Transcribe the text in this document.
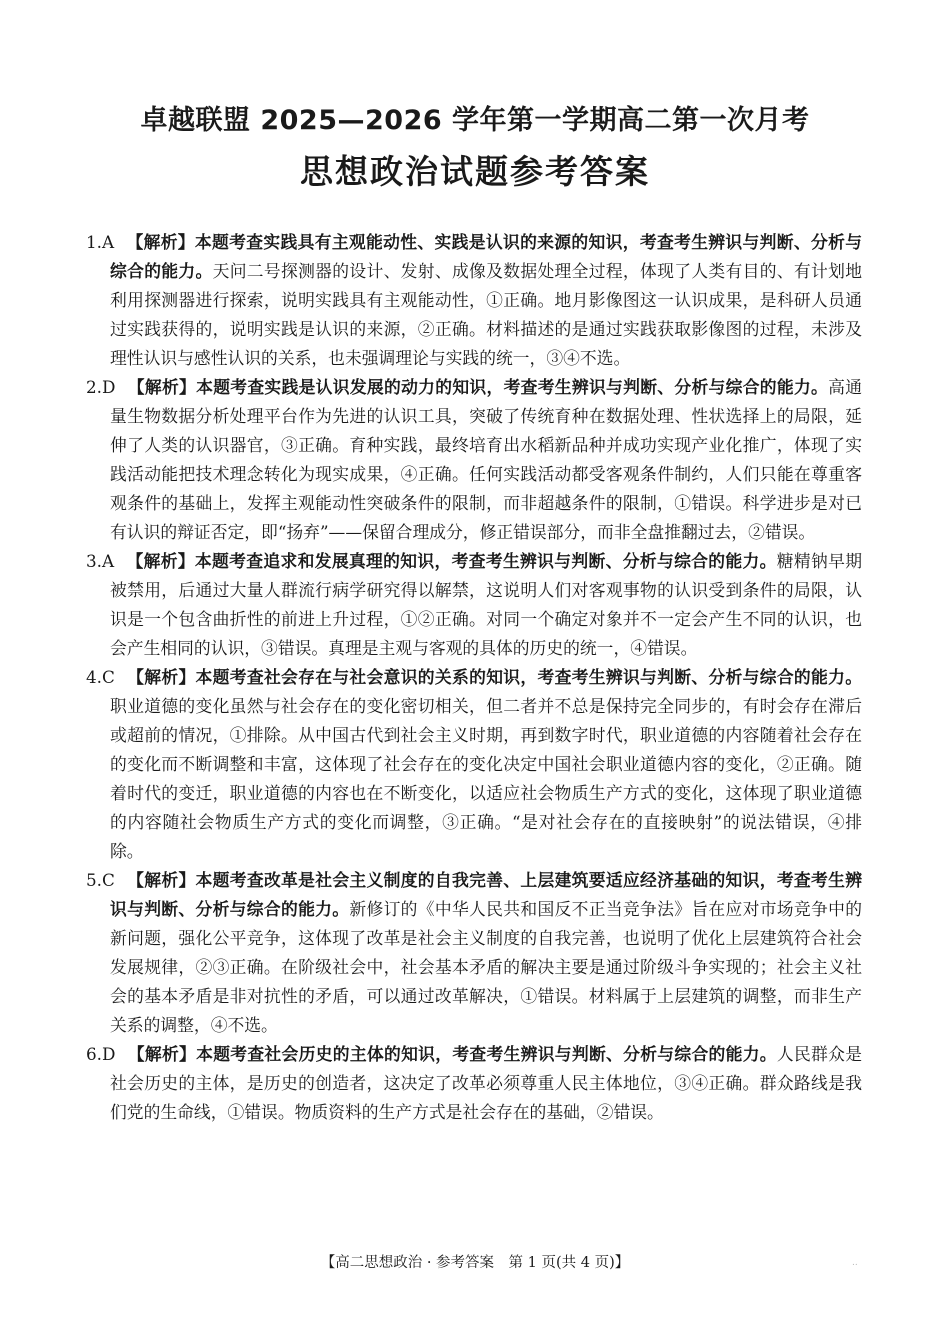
卓越联盟 2025—2026 学年第一学期高二第一次月考
思想政治试题参考答案
1.A 【解析】本题考查实践具有主观能动性、实践是认识的来源的知识，考查考生辨识与判断、分析与综合的能力。天问二号探测器的设计、发射、成像及数据处理全过程，体现了人类有目的、有计划地利用探测器进行探索，说明实践具有主观能动性，①正确。地月影像图这一认识成果，是科研人员通过实践获得的，说明实践是认识的来源，②正确。材料描述的是通过实践获取影像图的过程，未涉及理性认识与感性认识的关系，也未强调理论与实践的统一，③④不选。
2.D 【解析】本题考查实践是认识发展的动力的知识，考查考生辨识与判断、分析与综合的能力。高通量生物数据分析处理平台作为先进的认识工具，突破了传统育种在数据处理、性状选择上的局限，延伸了人类的认识器官，③正确。育种实践，最终培育出水稻新品种并成功实现产业化推广，体现了实践活动能把技术理念转化为现实成果，④正确。任何实践活动都受客观条件制约，人们只能在尊重客观条件的基础上，发挥主观能动性突破条件的限制，而非超越条件的限制，①错误。科学进步是对已有认识的辩证否定，即“扬弃”——保留合理成分，修正错误部分，而非全盘推翻过去，②错误。
3.A 【解析】本题考查追求和发展真理的知识，考查考生辨识与判断、分析与综合的能力。糖精钠早期被禁用，后通过大量人群流行病学研究得以解禁，这说明人们对客观事物的认识受到条件的局限，认识是一个包含曲折性的前进上升过程，①②正确。对同一个确定对象并不一定会产生不同的认识，也会产生相同的认识，③错误。真理是主观与客观的具体的历史的统一，④错误。
4.C 【解析】本题考查社会存在与社会意识的关系的知识，考查考生辨识与判断、分析与综合的能力。职业道德的变化虽然与社会存在的变化密切相关，但二者并不总是保持完全同步的，有时会存在滞后或超前的情况，①排除。从中国古代到社会主义时期，再到数字时代，职业道德的内容随着社会存在的变化而不断调整和丰富，这体现了社会存在的变化决定中国社会职业道德内容的变化，②正确。随着时代的变迁，职业道德的内容也在不断变化，以适应社会物质生产方式的变化，这体现了职业道德的内容随社会物质生产方式的变化而调整，③正确。“是对社会存在的直接映射”的说法错误，④排除。
5.C 【解析】本题考查改革是社会主义制度的自我完善、上层建筑要适应经济基础的知识，考查考生辨识与判断、分析与综合的能力。新修订的《中华人民共和国反不正当竞争法》旨在应对市场竞争中的新问题，强化公平竞争，这体现了改革是社会主义制度的自我完善，也说明了优化上层建筑符合社会发展规律，②③正确。在阶级社会中，社会基本矛盾的解决主要是通过阶级斗争实现的；社会主义社会的基本矛盾是非对抗性的矛盾，可以通过改革解决，①错误。材料属于上层建筑的调整，而非生产关系的调整，④不选。
6.D 【解析】本题考查社会历史的主体的知识，考查考生辨识与判断、分析与综合的能力。人民群众是社会历史的主体，是历史的创造者，这决定了改革必须尊重人民主体地位，③④正确。群众路线是我们党的生命线，①错误。物质资料的生产方式是社会存在的基础，②错误。
【高二思想政治 · 参考答案　第 1 页(共 4 页)】	..
